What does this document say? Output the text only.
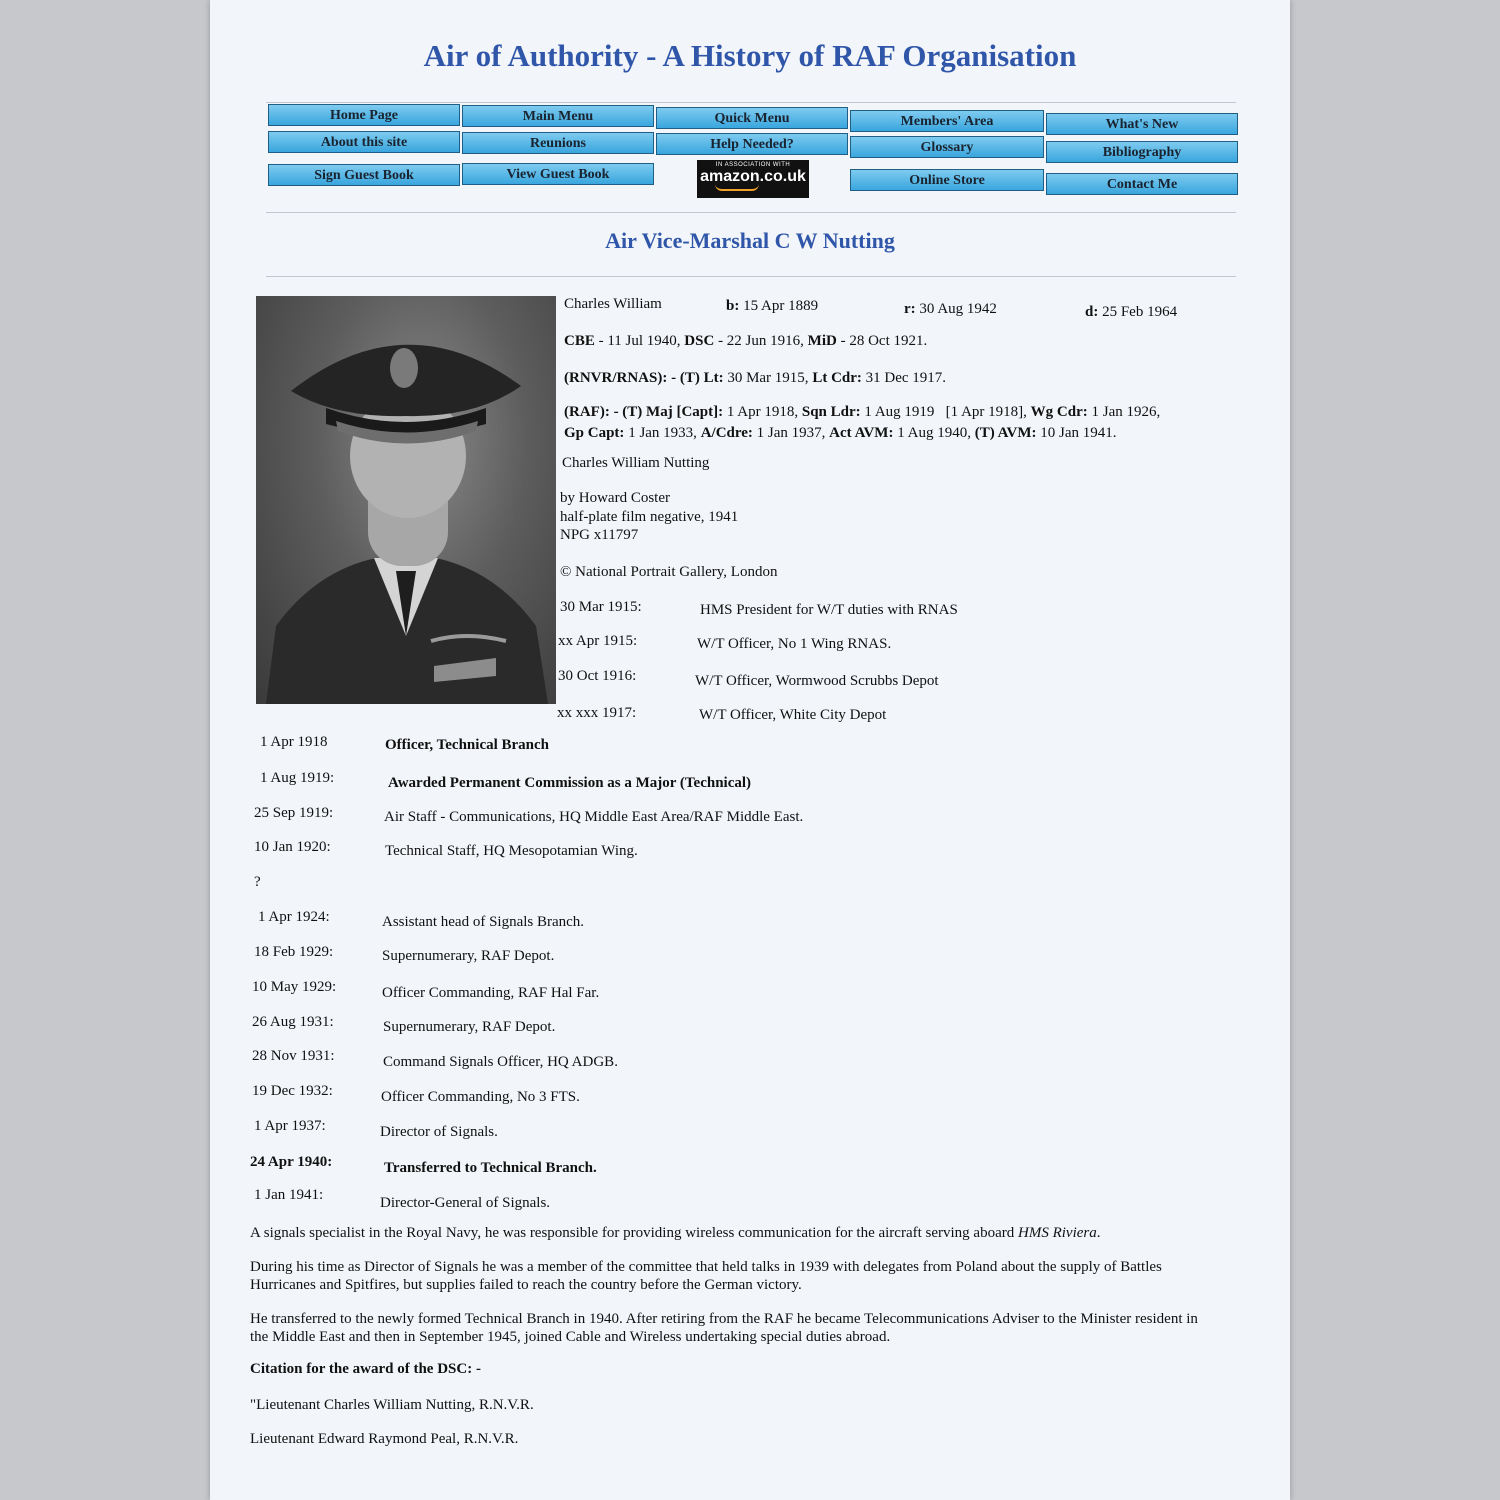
Air of Authority - A History of RAF Organisation
Home Page	Main Menu	Quick Menu	Members' Area	What's New
About this site	Reunions	Help Needed?	Glossary	Bibliography
Sign Guest Book	View Guest Book
IN ASSOCIATION WITH
amazon.co.uk	Online Store	Contact Me
Air Vice-Marshal C W Nutting
Charles William	b: 15 Apr 1889	r: 30 Aug 1942	d: 25 Feb 1964
CBE - 11 Jul 1940, DSC - 22 Jun 1916, MiD - 28 Oct 1921.
(RNVR/RNAS): - (T) Lt: 30 Mar 1915, Lt Cdr: 31 Dec 1917.
(RAF): - (T) Maj [Capt]: 1 Apr 1918, Sqn Ldr: 1 Aug 1919   [1 Apr 1918], Wg Cdr: 1 Jan 1926,
Gp Capt: 1 Jan 1933, A/Cdre: 1 Jan 1937, Act AVM: 1 Aug 1940, (T) AVM: 10 Jan 1941.
Charles William Nutting
by Howard Coster
half-plate film negative, 1941
NPG x11797
© National Portrait Gallery, London
30 Mar 1915:	HMS President for W/T duties with RNAS
xx Apr 1915:	W/T Officer, No 1 Wing RNAS.
30 Oct 1916:	W/T Officer, Wormwood Scrubbs Depot
xx xxx 1917:	W/T Officer, White City Depot
1 Apr 1918	Officer, Technical Branch
1 Aug 1919:	Awarded Permanent Commission as a Major (Technical)
25 Sep 1919:	Air Staff - Communications, HQ Middle East Area/RAF Middle East.
10 Jan 1920:	Technical Staff, HQ Mesopotamian Wing.
?
1 Apr 1924:	Assistant head of Signals Branch.
18 Feb 1929:	Supernumerary, RAF Depot.
10 May 1929:	Officer Commanding, RAF Hal Far.
26 Aug 1931:	Supernumerary, RAF Depot.
28 Nov 1931:	Command Signals Officer, HQ ADGB.
19 Dec 1932:	Officer Commanding, No 3 FTS.
1 Apr 1937:	Director of Signals.
24 Apr 1940:	Transferred to Technical Branch.
1 Jan 1941:	Director-General of Signals.
A signals specialist in the Royal Navy, he was responsible for providing wireless communication for the aircraft serving aboard HMS Riviera.
During his time as Director of Signals he was a member of the committee that held talks in 1939 with delegates from Poland about the supply of Battles Hurricanes and Spitfires, but supplies failed to reach the country before the German victory.
He transferred to the newly formed Technical Branch in 1940. After retiring from the RAF he became Telecommunications Adviser to the Minister resident in the Middle East and then in September 1945, joined Cable and Wireless undertaking special duties abroad.
Citation for the award of the DSC: -
"Lieutenant Charles William Nutting, R.N.V.R.
Lieutenant Edward Raymond Peal, R.N.V.R.
